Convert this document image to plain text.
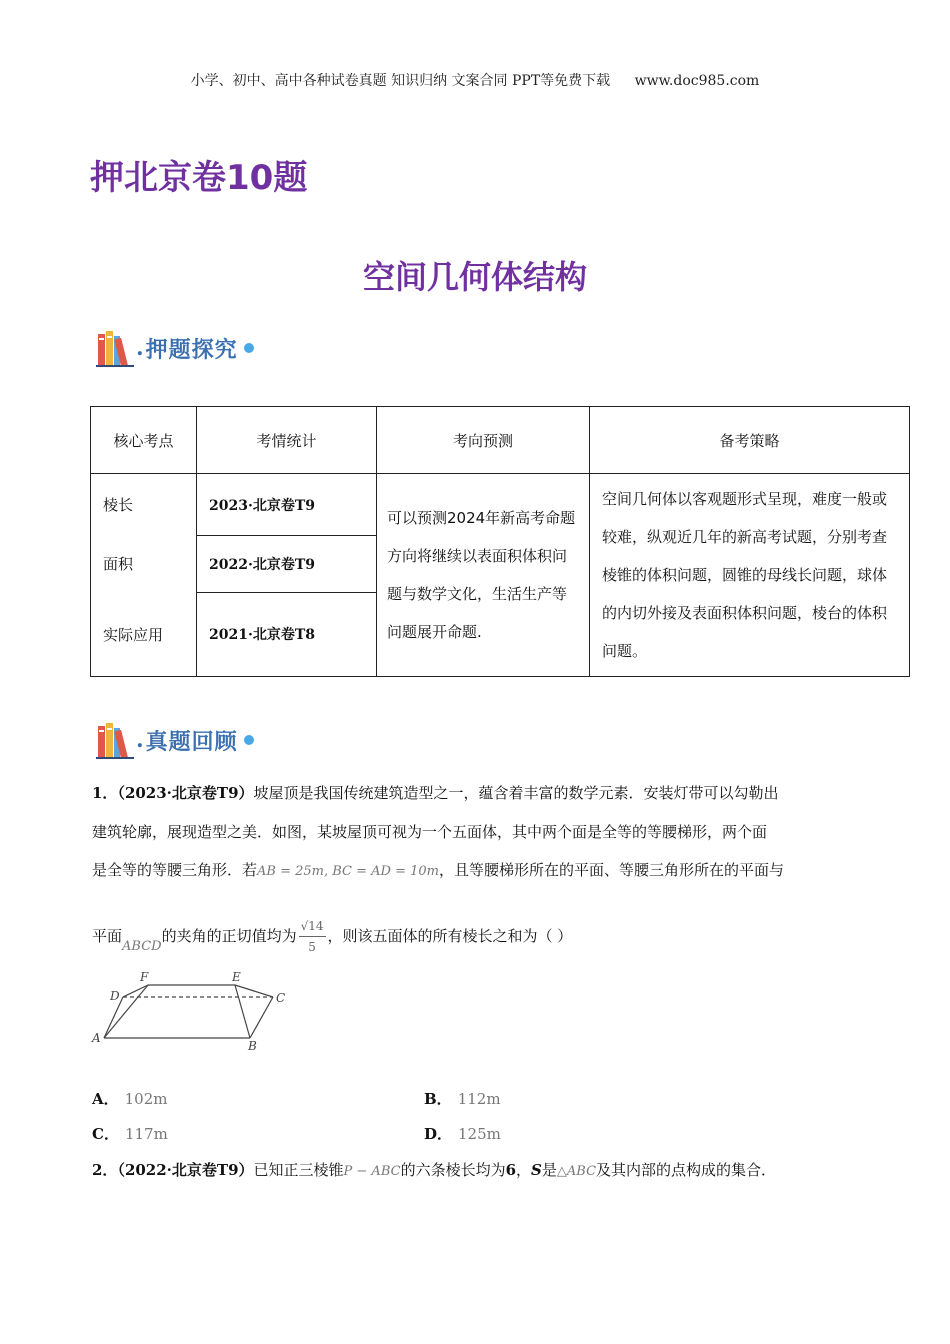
小学、初中、高中各种试卷真题 知识归纳 文案合同 PPT等免费下载 www.doc985.com
押北京卷10题
空间几何体结构
. 押题探究
核心考点	考情统计	考向预测	备考策略
棱长	2023·北京卷T9	可以预测2024年新高考命题方向将继续以表面积体积问题与数学文化，生活生产等问题展开命题.	空间几何体以客观题形式呈现，难度一般或较难，纵观近几年的新高考试题，分别考查棱锥的体积问题，圆锥的母线长问题，球体的内切外接及表面积体积问题，棱台的体积问题。
面积	2022·北京卷T9		
实际应用	2021·北京卷T8		
. 真题回顾
1．（2023·北京卷T9）坡屋顶是我国传统建筑造型之一，蕴含着丰富的数学元素．安装灯带可以勾勒出
建筑轮廓，展现造型之美．如图，某坡屋顶可视为一个五面体，其中两个面是全等的等腰梯形，两个面
是全等的等腰三角形．若AB = 25m, BC = AD = 10m，且等腰梯形所在的平面、等腰三角形所在的平面与
平面ABCD的夹角的正切值均为 $\frac{√14}{5}$ ，则该五面体的所有棱长之和为（ ）
A
B
C
D
E
F
A． 102m	B． 112m
C． 117m	D． 125m
2．（2022·北京卷T9）已知正三棱锥P − ABC的六条棱长均为6，S是△ABC及其内部的点构成的集合．
